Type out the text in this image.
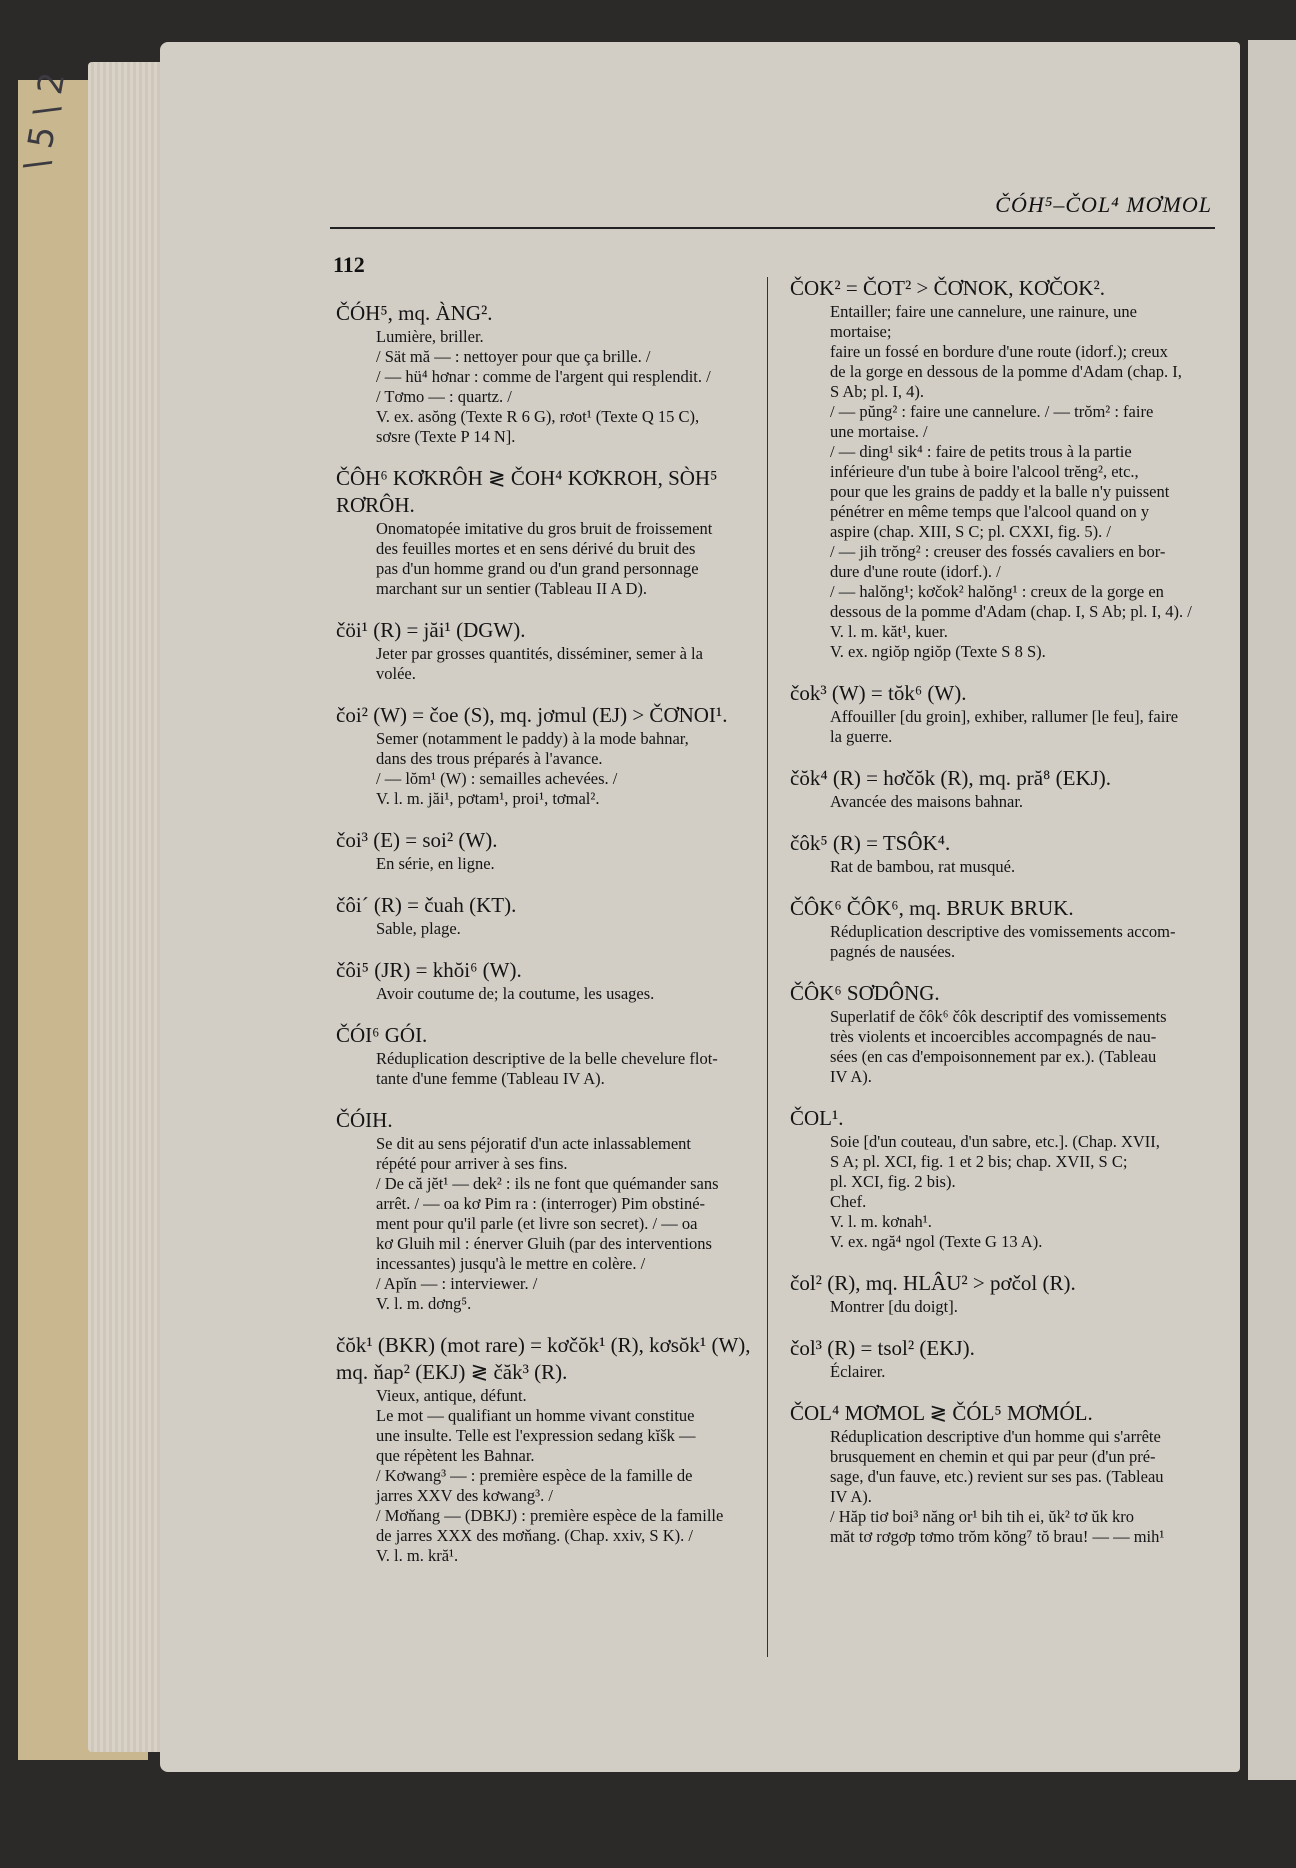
\ 5 \ 2
ČÓH⁵–ČOL⁴ MƠMOL
112
ČÓH⁵, mq. ÀNG².
Lumière, briller.
/ Sät mă — : nettoyer pour que ça brille. /
/ — hü⁴ hơnar : comme de l'argent qui resplendit. /
/ Tơmo — : quartz. /
V. ex. asŏng (Texte R 6 G), rơot¹ (Texte Q 15 C),
sơsre (Texte P 14 N].
ČÔH⁶ KƠKRÔH ≷ ČOH⁴ KƠKROH, SÒH⁵ RƠRÔH.
Onomatopée imitative du gros bruit de froissement
des feuilles mortes et en sens dérivé du bruit des
pas d'un homme grand ou d'un grand personnage
marchant sur un sentier (Tableau II A D).
čöi¹ (R) = jăi¹ (DGW).
Jeter par grosses quantités, disséminer, semer à la
volée.
čoi² (W) = čoe (S), mq. jơmul (EJ) > ČƠNOI¹.
Semer (notamment le paddy) à la mode bahnar,
dans des trous préparés à l'avance.
/ — lŏm¹ (W) : semailles achevées. /
V. l. m. jăi¹, pơtam¹, proi¹, tơmal².
čoi³ (E) = soi² (W).
En série, en ligne.
čôi´ (R) = čuah (KT).
Sable, plage.
čôi⁵ (JR) = khŏi⁶ (W).
Avoir coutume de; la coutume, les usages.
ČÓI⁶ GÓI.
Réduplication descriptive de la belle chevelure flot-
tante d'une femme (Tableau IV A).
ČÓIH.
Se dit au sens péjoratif d'un acte inlassablement
répété pour arriver à ses fins.
/ De că jĕt¹ — dek² : ils ne font que quémander sans
arrêt. / — oa kơ Pim ra : (interroger) Pim obstiné-
ment pour qu'il parle (et livre son secret). / — oa
kơ Gluih mil : énerver Gluih (par des interventions
incessantes) jusqu'à le mettre en colère. /
/ Apĭn — : interviewer. /
V. l. m. dơng⁵.
čŏk¹ (BKR) (mot rare) = kơčŏk¹ (R), kơsŏk¹ (W), mq. ňap² (EKJ) ≷ čăk³ (R).
Vieux, antique, défunt.
Le mot — qualifiant un homme vivant constitue
une insulte. Telle est l'expression sedang kĭšk —
que répètent les Bahnar.
/ Kơwang³ — : première espèce de la famille de
jarres XXV des kơwang³. /
/ Mơňang — (DBKJ) : première espèce de la famille
de jarres XXX des mơňang. (Chap. xxiv, S K). /
V. l. m. kră¹.
ČOK² = ČOT² > ČƠNOK, KƠČOK².
Entailler; faire une cannelure, une rainure, une
mortaise;
faire un fossé en bordure d'une route (idorf.); creux
de la gorge en dessous de la pomme d'Adam (chap. I,
S Ab; pl. I, 4).
/ — pŭng² : faire une cannelure. / — trŏm² : faire
une mortaise. /
/ — ding¹ sik⁴ : faire de petits trous à la partie
inférieure d'un tube à boire l'alcool trĕng², etc.,
pour que les grains de paddy et la balle n'y puissent
pénétrer en même temps que l'alcool quand on y
aspire (chap. XIII, S C; pl. CXXI, fig. 5). /
/ — jih trŏng² : creuser des fossés cavaliers en bor-
dure d'une route (idorf.). /
/ — halŏng¹; kơčok² halŏng¹ : creux de la gorge en
dessous de la pomme d'Adam (chap. I, S Ab; pl. I, 4). /
V. l. m. kăt¹, kuer.
V. ex. ngiŏp ngiŏp (Texte S 8 S).
čok³ (W) = tŏk⁶ (W).
Affouiller [du groin], exhiber, rallumer [le feu], faire
la guerre.
čŏk⁴ (R) = hơčŏk (R), mq. pră⁸ (EKJ).
Avancée des maisons bahnar.
čôk⁵ (R) = TSÔK⁴.
Rat de bambou, rat musqué.
ČÔK⁶ ČÔK⁶, mq. BRUK BRUK.
Réduplication descriptive des vomissements accom-
pagnés de nausées.
ČÔK⁶ SƠDÔNG.
Superlatif de čôk⁶ čôk descriptif des vomissements
très violents et incoercibles accompagnés de nau-
sées (en cas d'empoisonnement par ex.). (Tableau
IV A).
ČOL¹.
Soie [d'un couteau, d'un sabre, etc.]. (Chap. XVII,
S A; pl. XCI, fig. 1 et 2 bis; chap. XVII, S C;
pl. XCI, fig. 2 bis).
Chef.
V. l. m. kơnah¹.
V. ex. ngă⁴ ngol (Texte G 13 A).
čol² (R), mq. HLÂU² > pơčol (R).
Montrer [du doigt].
čol³ (R) = tsol² (EKJ).
Éclairer.
ČOL⁴ MƠMOL ≷ ČÓL⁵ MƠMÓL.
Réduplication descriptive d'un homme qui s'arrête
brusquement en chemin et qui par peur (d'un pré-
sage, d'un fauve, etc.) revient sur ses pas. (Tableau
IV A).
/ Hăp tiơ boi³ năng or¹ bih tih ei, ŭk² tơ ŭk kro
măt tơ rơgơp tơmo trŏm kŏng⁷ tŏ brau! — — mih¹
